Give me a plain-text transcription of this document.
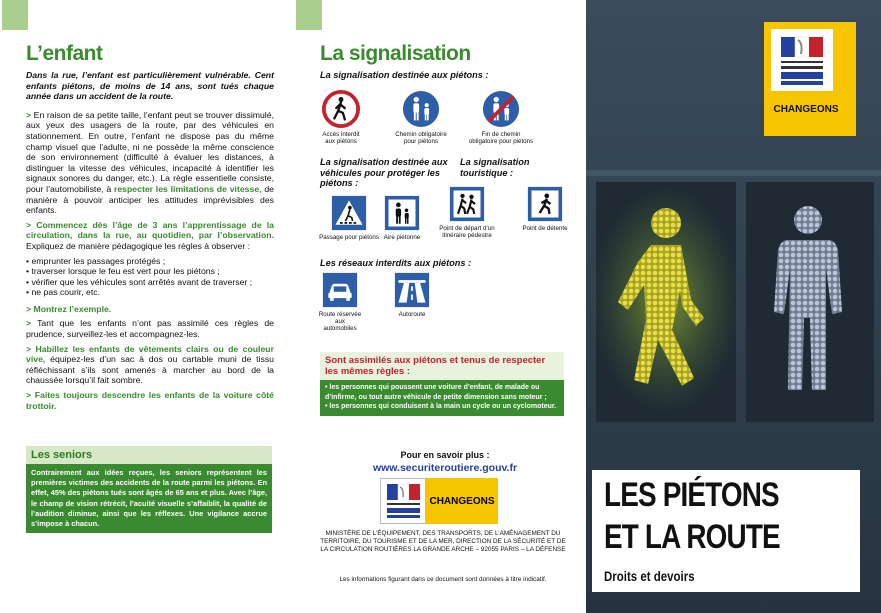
L’enfant

Dans la rue, l’enfant est particulièrement vulnérable. Cent enfants piétons, de moins de 14 ans, sont tués chaque année dans un accident de la route.

> En raison de sa petite taille, l’enfant peut se trouver dissimulé, aux yeux des usagers de la route, par des véhicules en stationnement. En outre, l’enfant ne dispose pas du même champ visuel que l’adulte, ni ne possède la même conscience de son environnement (difficulté à évaluer les distances, à distinguer la vitesse des véhicules, incapacité à identifier les signaux sonores du danger, etc.). La règle essentielle consiste, pour l’automobiliste, à respecter les limitations de vitesse, de manière à pouvoir anticiper les attitudes imprévisibles des enfants.

> Commencez dès l’âge de 3 ans l’apprentissage de la circulation, dans la rue, au quotidien, par l’observation. Expliquez de manière pédagogique les règles à observer :

• emprunter les passages protégés ;
• traverser lorsque le feu est vert pour les piétons ;
• vérifier que les véhicules sont arrêtés avant de traverser ;
• ne pas courir, etc.

> Montrez l’exemple.

> Tant que les enfants n’ont pas assimilé ces règles de prudence, surveillez-les et accompagnez-les.

> Habillez les enfants de vêtements clairs ou de couleur vive, équipez-les d’un sac à dos ou cartable muni de tissu réfléchissant s’ils sont amenés à marcher au bord de la chaussée lorsqu’il fait sombre.

> Faites toujours descendre les enfants de la voiture côté trottoir.

Les seniors
Contrairement aux idées reçues, les seniors représentent les premières victimes des accidents de la route parmi les piétons. En effet, 45% des piétons tués sont âgés de 65 ans et plus. Avec l’âge, le champ de vision rétrécit, l’acuité visuelle s’affaiblit, la qualité de l’audition diminue, ainsi que les réflexes. Une vigilance accrue s’impose à chacun.
La signalisation
La signalisation destinée aux piétons :
Accès interdit aux piétons
Chemin obligatoire pour piétons
Fin de chemin obligatoire pour piétons
La signalisation destinée aux véhicules pour protéger les piétons :
La signalisation touristique :
Passage pour piétons Aire piétonne
Point de départ d’un itinéraire pédestre
Point de détente
Les réseaux interdits aux piétons :
Route réservée aux automobiles
Autoroute
Sont assimilés aux piétons et tenus de respecter les mêmes règles :
• les personnes qui poussent une voiture d’enfant, de malade ou d’infirme, ou tout autre véhicule de petite dimension sans moteur ;
• les personnes qui conduisent à la main un cycle ou un cyclomoteur.
Pour en savoir plus :
www.securiteroutiere.gouv.fr
CHANGEONS
MINISTÈRE DE L’ÉQUIPEMENT, DES TRANSPORTS, DE L’AMÉNAGEMENT DU TERRITOIRE, DU TOURISME ET DE LA MER, DIRECTION DE LA SÉCURITÉ ET DE LA CIRCULATION ROUTIÈRES LA GRANDE ARCHE – 92055 PARIS – LA DÉFENSE
Les informations figurant dans ce document sont données à titre indicatif.
CHANGEONS
LES PIÉTONS
ET LA ROUTE
Droits et devoirs
